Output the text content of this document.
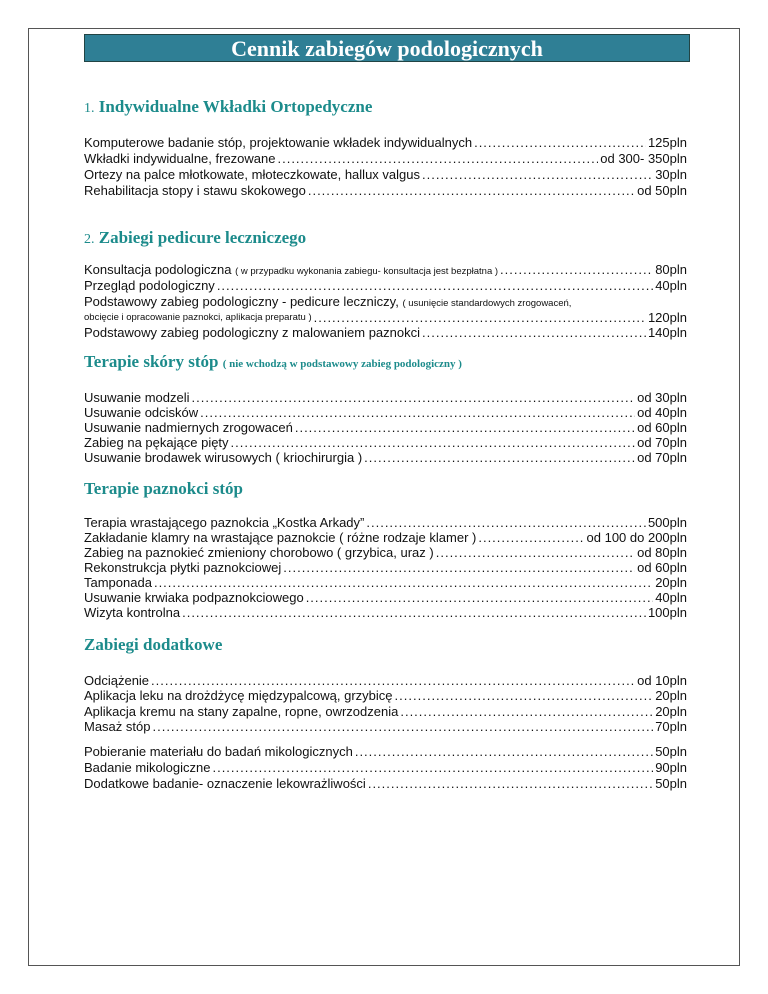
Cennik zabiegów podologicznych
1. Indywidualne Wkładki Ortopedyczne
Komputerowe badanie stóp, projektowanie wkładek indywidualnych .....	125pln
Wkładki indywidualne, frezowane .....	od 300- 350pln
Ortezy na palce młotkowate, młoteczkowate, hallux valgus .....	30pln
Rehabilitacja stopy i stawu skokowego .....	od 50pln
2. Zabiegi pedicure leczniczego
Konsultacja podologiczna ( w przypadku wykonania zabiegu- konsultacja jest bezpłatna ) .....	80pln
Przegląd podologiczny .....	40pln
Podstawowy zabieg podologiczny - pedicure leczniczy, ( usunięcie standardowych zrogowaceń,
obcięcie i opracowanie paznokci, aplikacja preparatu ) .....	120pln
Podstawowy zabieg podologiczny z malowaniem paznokci .....	140pln
Terapie skóry stóp ( nie wchodzą w podstawowy zabieg podologiczny )
Usuwanie modzeli .....	od 30pln
Usuwanie odcisków .....	od 40pln
Usuwanie nadmiernych zrogowaceń .....	od 60pln
Zabieg na pękające pięty .....	od 70pln
Usuwanie brodawek wirusowych ( kriochirurgia ) .....	od 70pln
Terapie paznokci stóp
Terapia wrastającego paznokcia „Kostka Arkady” .....	500pln
Zakładanie klamry na wrastające paznokcie ( różne rodzaje klamer ) .....	od 100 do 200pln
Zabieg na paznokieć zmieniony chorobowo ( grzybica, uraz ) .....	od 80pln
Rekonstrukcja płytki paznokciowej .....	od 60pln
Tamponada .....	20pln
Usuwanie krwiaka podpaznokciowego .....	40pln
Wizyta kontrolna .....	100pln
Zabiegi dodatkowe
Odciążenie .....	od 10pln
Aplikacja leku na drożdżycę międzypalcową, grzybicę .....	20pln
Aplikacja kremu na stany zapalne, ropne, owrzodzenia .....	20pln
Masaż stóp .....	70pln
Pobieranie materiału do badań mikologicznych .....	50pln
Badanie mikologiczne .....	90pln
Dodatkowe badanie- oznaczenie lekowrażliwości .....	50pln
